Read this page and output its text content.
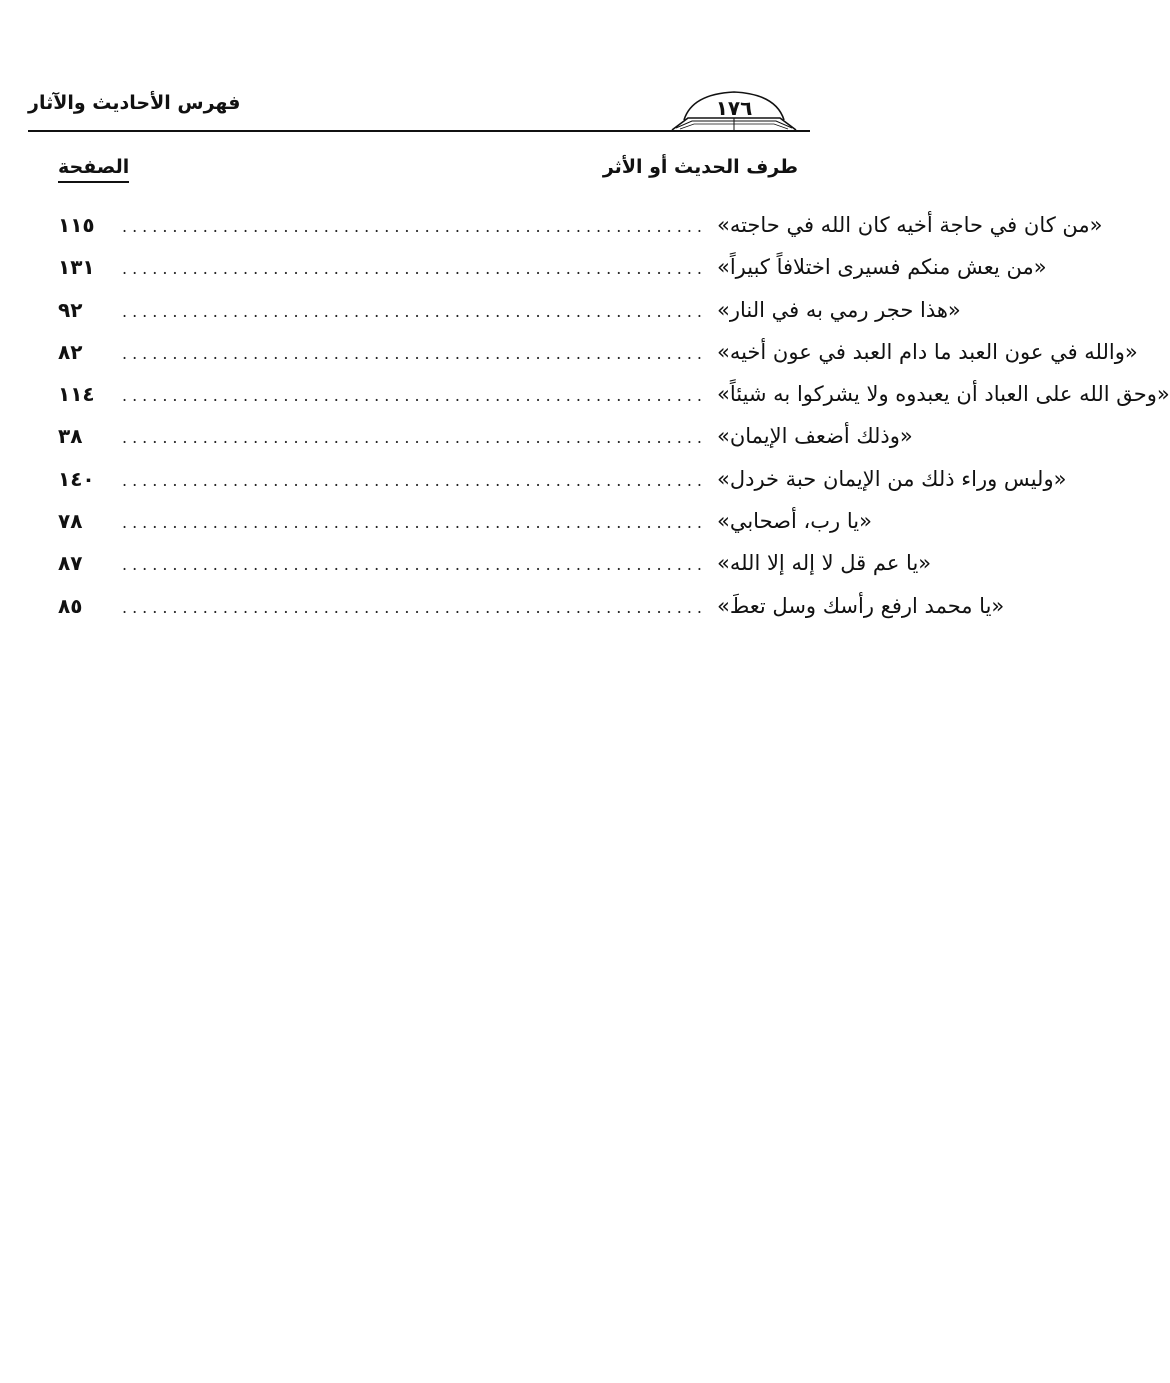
فهرس الأحاديث والآثار	١٧٦
طرف الحديث أو الأثر
الصفحة
١١٥	.......................................................... «من كان في حاجة أخيه كان الله في حاجته»
١٣١	.......................................................... «من يعش منكم فسيرى اختلافاً كبيراً»
٩٢	.......................................................... «هذا حجر رمي به في النار»
٨٢	.......................................................... «والله في عون العبد ما دام العبد في عون أخيه»
١١٤	.......................................................... «وحق الله على العباد أن يعبدوه ولا يشركوا به شيئاً»
٣٨	.......................................................... «وذلك أضعف الإيمان»
١٤٠	.......................................................... «وليس وراء ذلك من الإيمان حبة خردل»
٧٨	.......................................................... «يا رب، أصحابي»
٨٧	.......................................................... «يا عم قل لا إله إلا الله»
٨٥	.......................................................... «يا محمد ارفع رأسك وسل تعطَ»
